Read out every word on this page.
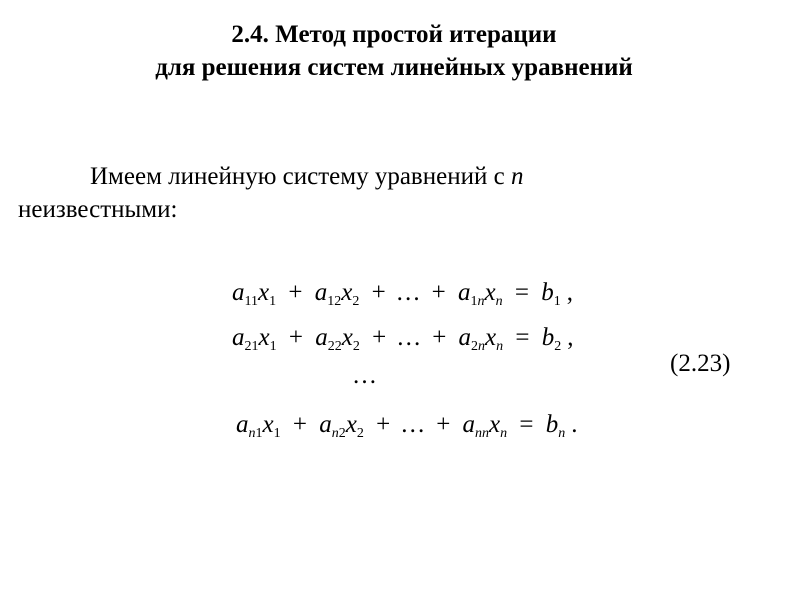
2.4. Метод простой итерации
для решения систем линейных уравнений
Имеем линейную систему уравнений с n
неизвестными:
$a_{11}x_1 + a_{12}x_2$ + … + $a_{1n}x_n = b_1$ ,
$a_{21}x_1 + a_{22}x_2$ + … + $a_{2n}x_n = b_2$ ,
…
$a_{n1}x_1 + a_{n2}x_2$ + … + $a_{nn}x_n = b_n$ .
(2.23)
